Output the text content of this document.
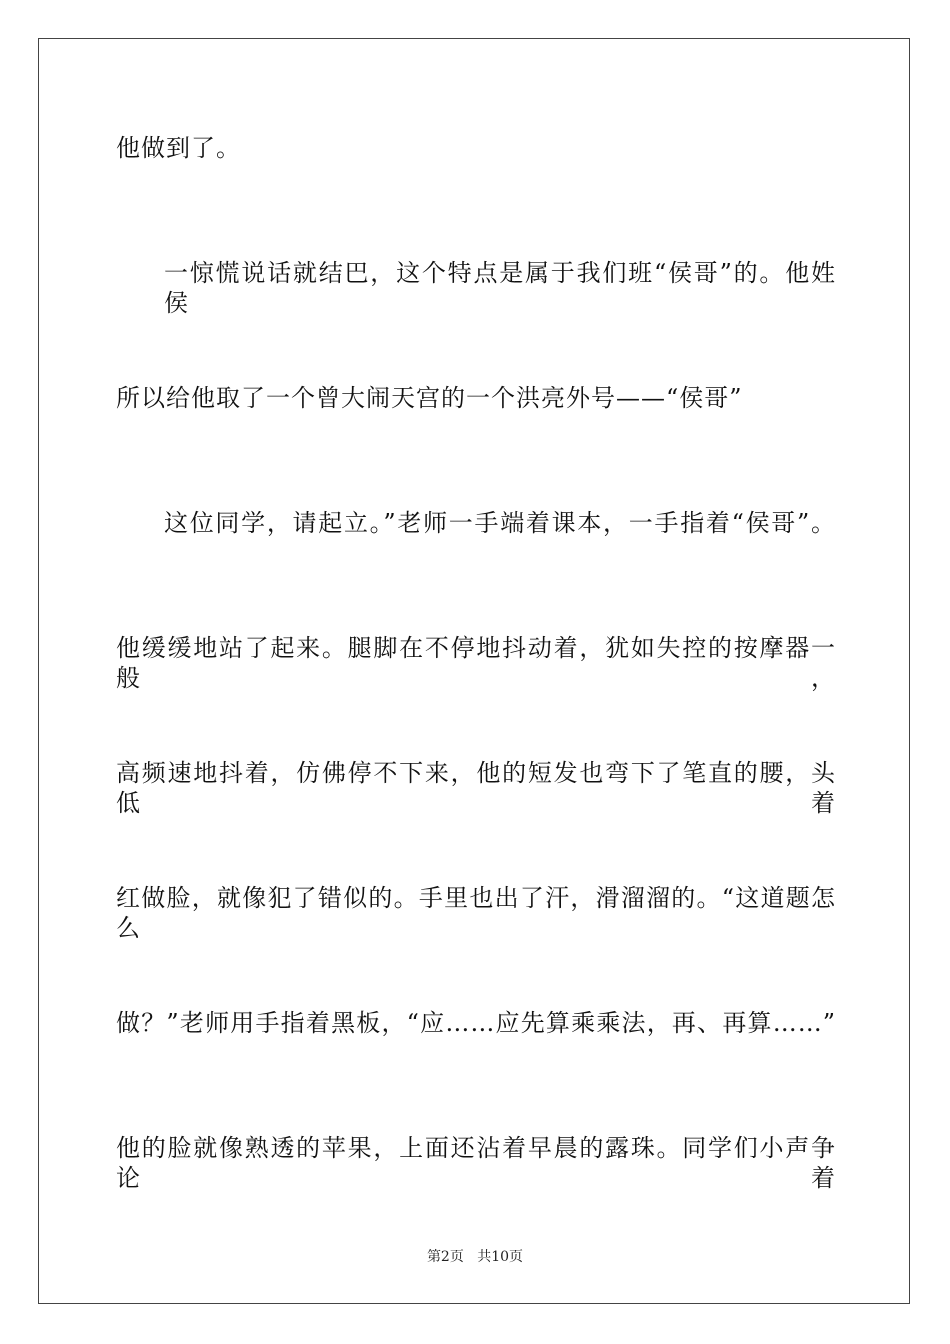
他做到了。
一惊慌说话就结巴，这个特点是属于我们班“侯哥”的。他姓侯
所以给他取了一个曾大闹天宫的一个洪亮外号——“侯哥”
这位同学，请起立。”老师一手端着课本，一手指着“侯哥”。
他缓缓地站了起来。腿脚在不停地抖动着，犹如失控的按摩器一般，
高频速地抖着，仿佛停不下来，他的短发也弯下了笔直的腰，头低着
红做脸，就像犯了错似的。手里也出了汗，滑溜溜的。“这道题怎么
做？”老师用手指着黑板，“应……应先算乘乘法，再、再算……”
他的脸就像熟透的苹果，上面还沾着早晨的露珠。同学们小声争论着
第2页 共10页
